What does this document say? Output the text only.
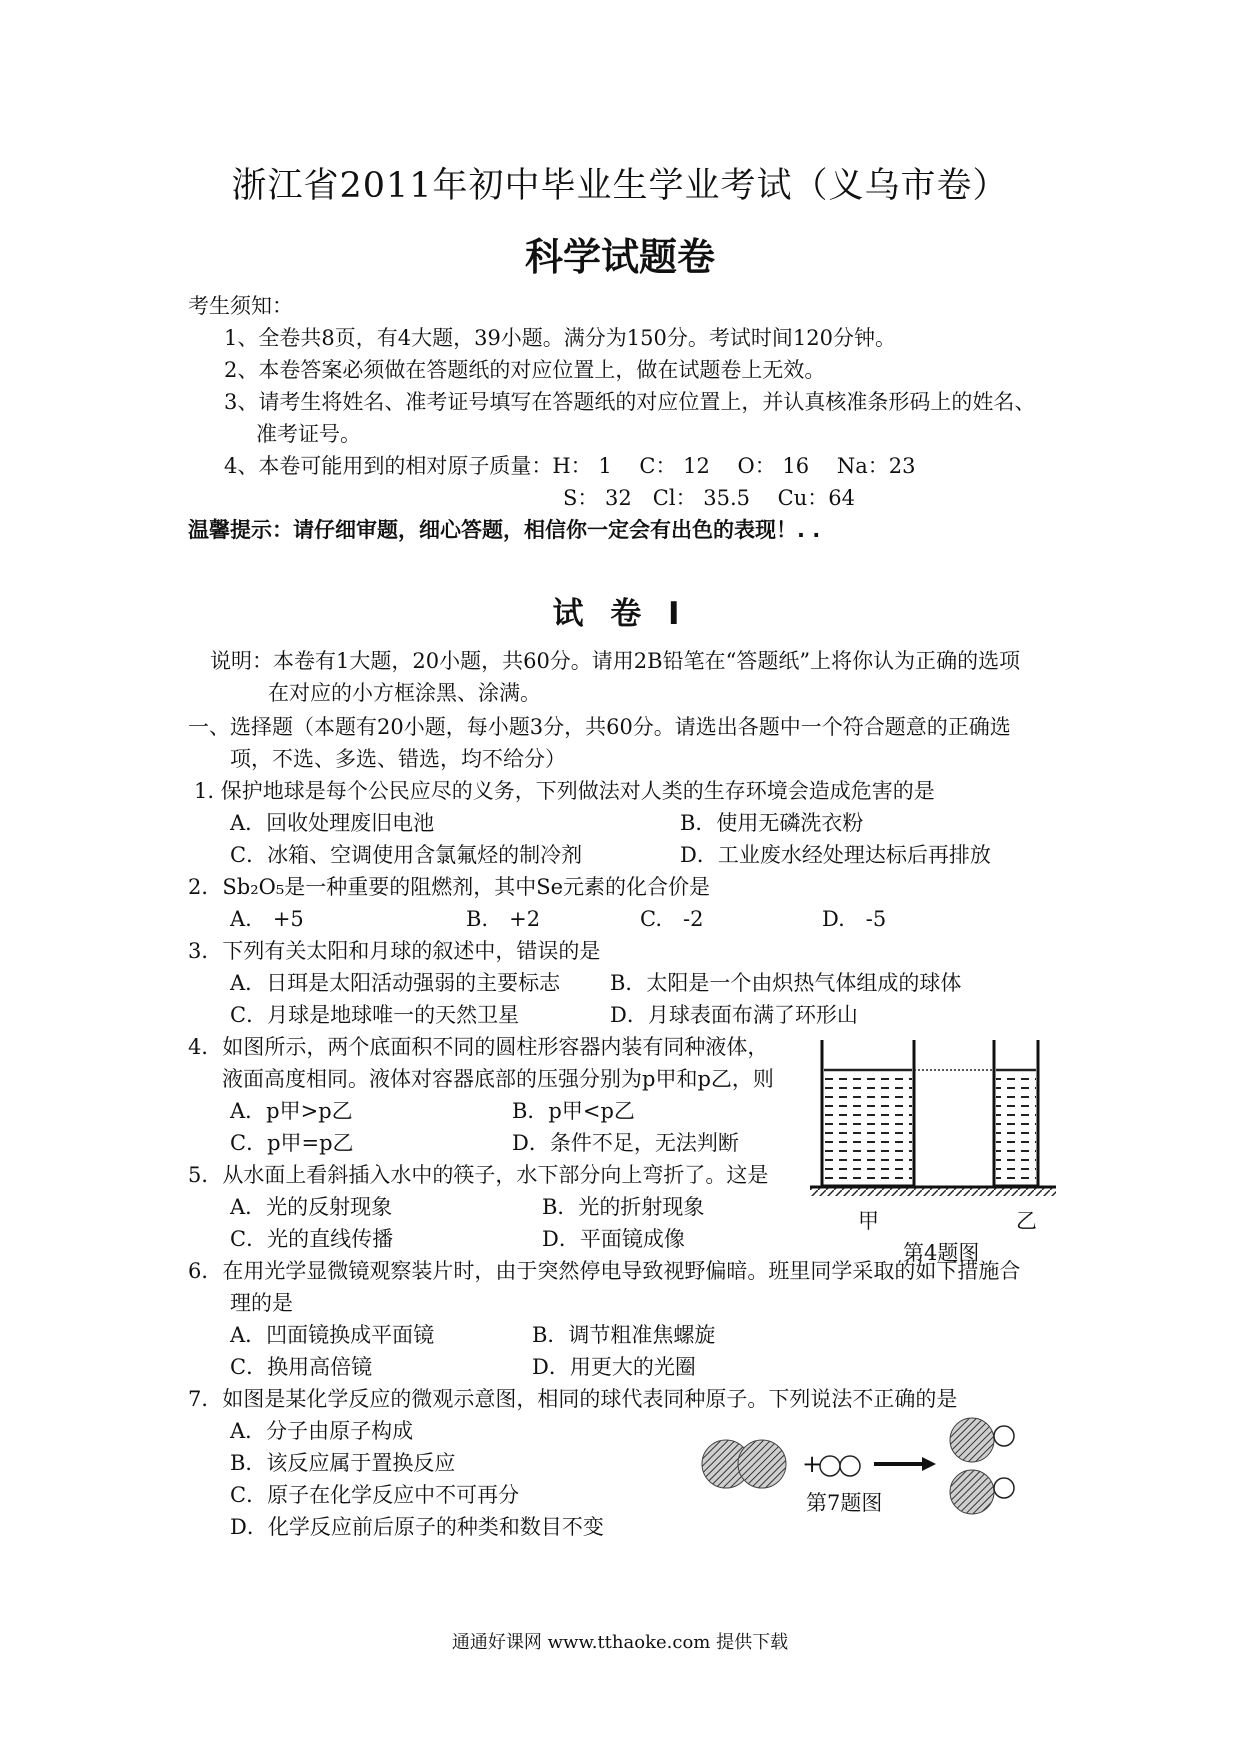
浙江省2011年初中毕业生学业考试（义乌市卷）
科学试题卷
考生须知：
1、全卷共8页，有4大题，39小题。满分为150分。考试时间120分钟。
2、本卷答案必须做在答题纸的对应位置上，做在试题卷上无效。
3、请考生将姓名、准考证号填写在答题纸的对应位置上，并认真核准条形码上的姓名、
准考证号。
4、本卷可能用到的相对原子质量：H： 1　 C： 12　 O： 16　 Na：23
S： 32　Cl： 35.5　 Cu：64
温馨提示：请仔细审题，细心答题，相信你一定会有出色的表现！. .
试 卷 I
说明：本卷有1大题，20小题，共60分。请用2B铅笔在“答题纸”上将你认为正确的选项
在对应的小方框涂黑、涂满。
一、选择题（本题有20小题，每小题3分，共60分。请选出各题中一个符合题意的正确选
项，不选、多选、错选，均不给分）
1. 保护地球是每个公民应尽的义务，下列做法对人类的生存环境会造成危害的是
A．回收处理废旧电池	B．使用无磷洗衣粉
C．冰箱、空调使用含氯氟烃的制冷剂	D．工业废水经处理达标后再排放
2．Sb₂O₅是一种重要的阻燃剂，其中Se元素的化合价是
A.　+5	B.　+2	C.　-2	D.　-5
3．下列有关太阳和月球的叙述中，错误的是
A．日珥是太阳活动强弱的主要标志 B．太阳是一个由炽热气体组成的球体
C．月球是地球唯一的天然卫星	D．月球表面布满了环形山
4．如图所示，两个底面积不同的圆柱形容器内装有同种液体，
液面高度相同。液体对容器底部的压强分别为p甲和p乙，则
A．p甲>p乙	B．p甲<p乙
C．p甲=p乙	D．条件不足，无法判断
5．从水面上看斜插入水中的筷子，水下部分向上弯折了。这是
A．光的反射现象	B．光的折射现象
C．光的直线传播	D．平面镜成像
6．在用光学显微镜观察装片时，由于突然停电导致视野偏暗。班里同学采取的如下措施合
理的是
A．凹面镜换成平面镜	B．调节粗准焦螺旋
C．换用高倍镜	D．用更大的光圈
7．如图是某化学反应的微观示意图，相同的球代表同种原子。下列说法不正确的是
A．分子由原子构成
B．该反应属于置换反应
C．原子在化学反应中不可再分
D．化学反应前后原子的种类和数目不变
甲	乙
第4题图
+
第7题图
通通好课网 www.tthaoke.com 提供下载
